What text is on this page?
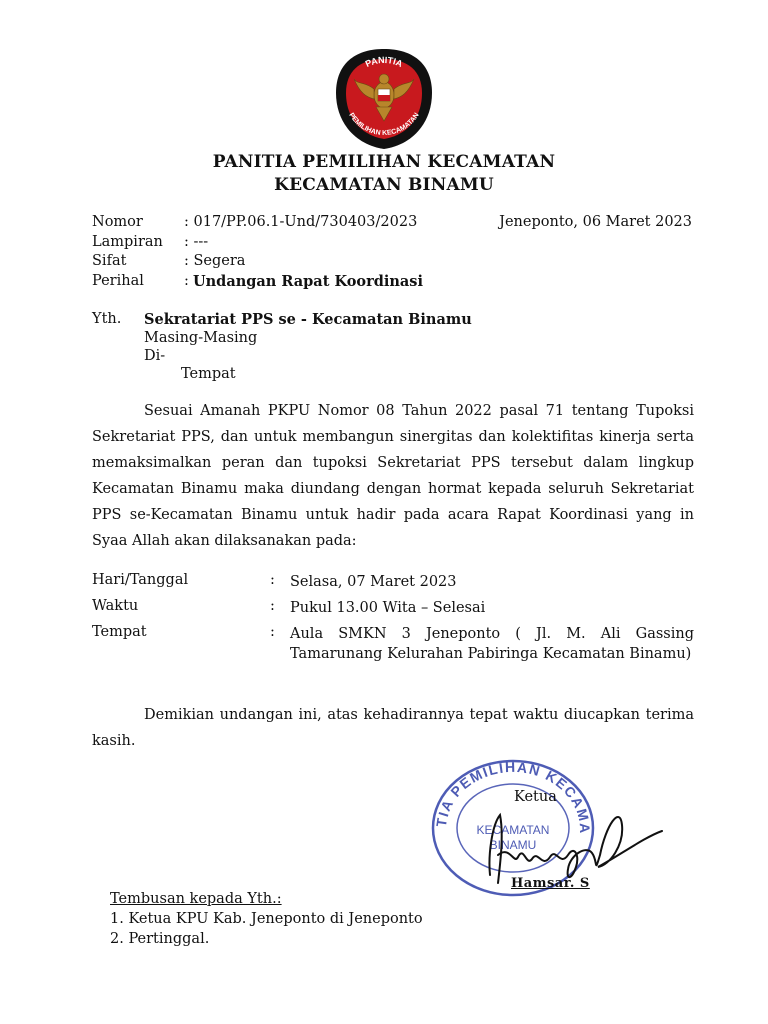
PANITIA
PEMILIHAN KECAMATAN
PANITIA PEMILIHAN KECAMATAN
KECAMATAN BINAMU
Nomor	: 017/PP.06.1-Und/730403/2023	Jeneponto, 06 Maret 2023
Lampiran : ---
Sifat	: Segera
Perihal	: Undangan Rapat Koordinasi
Yth. Sekratariat PPS se - Kecamatan Binamu
Masing-Masing
Di-
Tempat
Sesuai Amanah PKPU Nomor 08 Tahun 2022 pasal 71 tentang Tupoksi Sekretariat PPS, dan untuk membangun sinergitas dan kolektifitas kinerja serta memaksimalkan peran dan tupoksi Sekretariat PPS tersebut dalam lingkup Kecamatan Binamu maka diundang dengan hormat kepada seluruh Sekretariat PPS se-Kecamatan Binamu untuk hadir pada acara Rapat Koordinasi yang in Syaa Allah akan dilaksanakan pada:
Hari/Tanggal	: Selasa, 07 Maret 2023
Waktu	: Pukul 13.00 Wita – Selesai
Tempat	: Aula SMKN 3 Jeneponto ( Jl. M. Ali Gassing Tamarunang Kelurahan Pabiringa Kecamatan Binamu)
Demikian undangan ini, atas kehadirannya tepat waktu diucapkan terima kasih.
TIA PEMILIHAN KECAMA
KECAMATAN
BINAMU
Ketua
Hamsar. S
Tembusan kepada Yth.:
1. Ketua KPU Kab. Jeneponto di Jeneponto
2. Pertinggal.
